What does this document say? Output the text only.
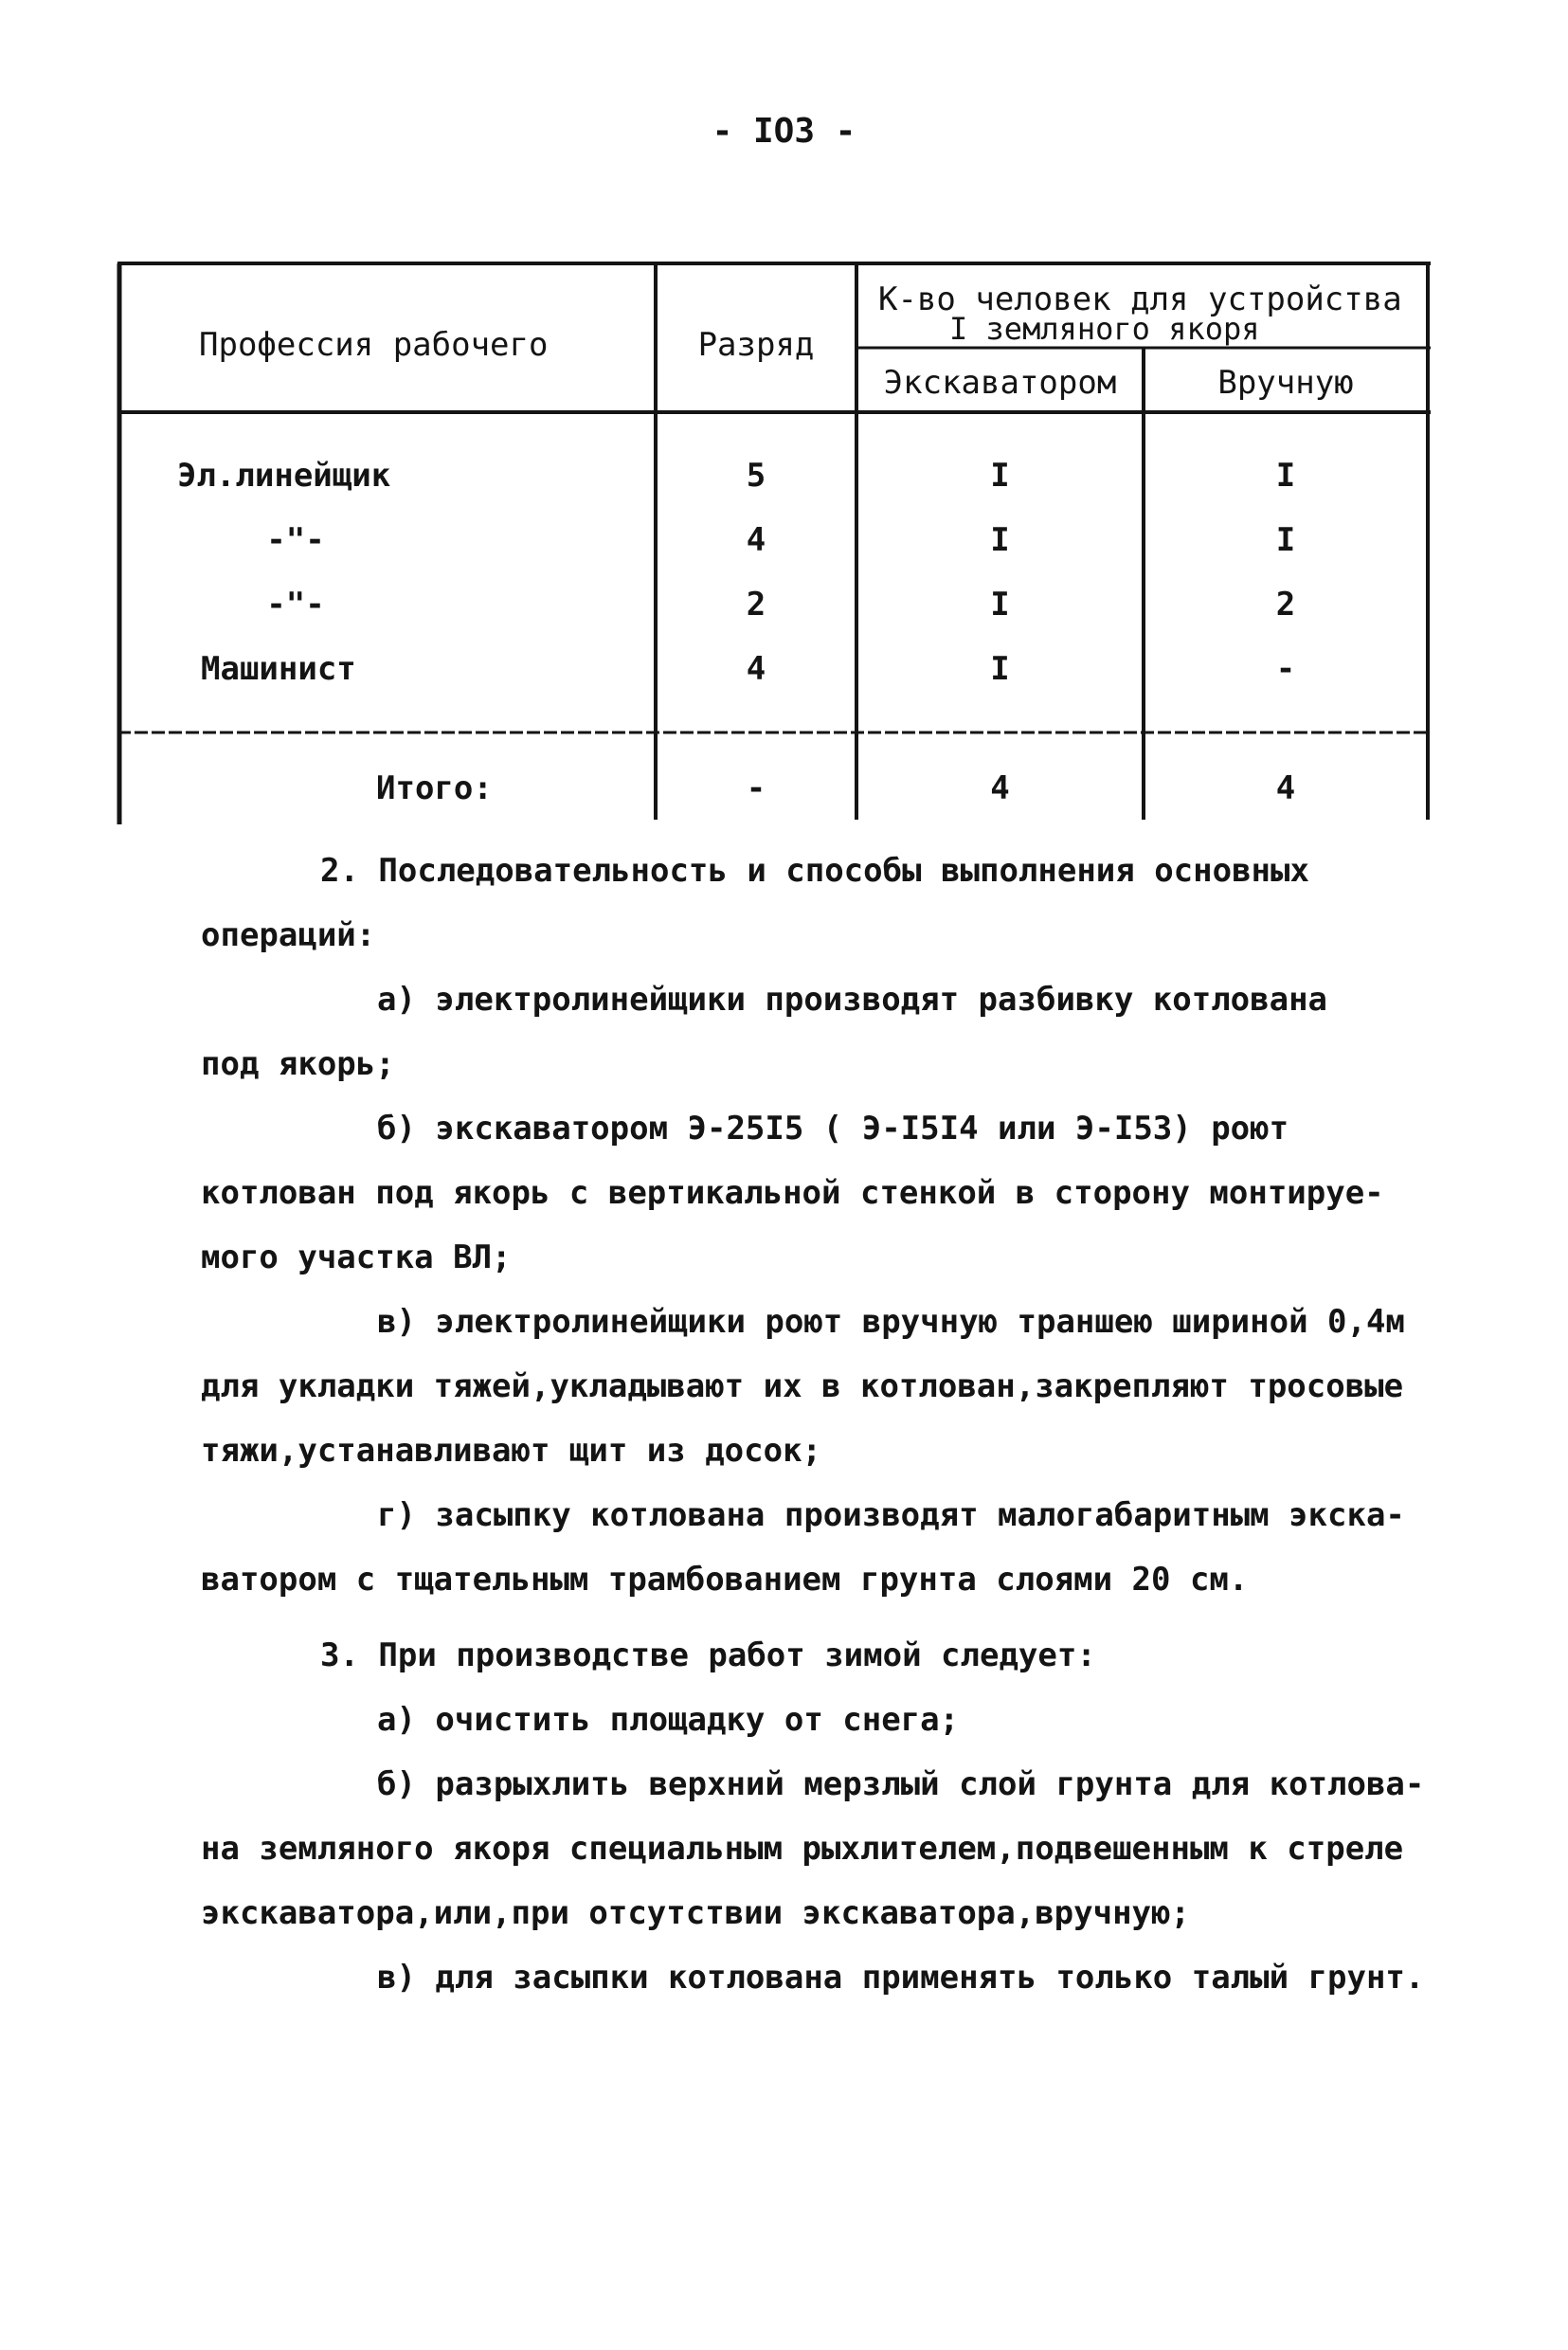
- IO3 -
Профессия рабочего	Разряд
К-во человек для устройства
I земляного якоря
Экскаватором	Вручную
Эл.линейщик	5	I	I
-"-	4	I	I
-"-	2	I	2
Машинист	4	I	-
Итого:	-	4	4
2. Последовательность и способы выполнения основных
операций:
а) электролинейщики производят разбивку котлована
под якорь;
б) экскаватором Э-25I5 ( Э-I5I4 или Э-I53) роют
котлован под якорь с вертикальной стенкой в сторону монтируе-
мого участка ВЛ;
в) электролинейщики роют вручную траншею шириной 0,4м
для укладки тяжей,укладывают их в котлован,закрепляют тросовые
тяжи,устанавливают щит из досок;
г) засыпку котлована производят малогабаритным экска-
ватором с тщательным трамбованием грунта слоями 20 см.
3. При производстве работ зимой следует:
а) очистить площадку от снега;
б) разрыхлить верхний мерзлый слой грунта для котлова-
на земляного якоря специальным рыхлителем,подвешенным к стреле
экскаватора,или,при отсутствии экскаватора,вручную;
в) для засыпки котлована применять только талый грунт.
